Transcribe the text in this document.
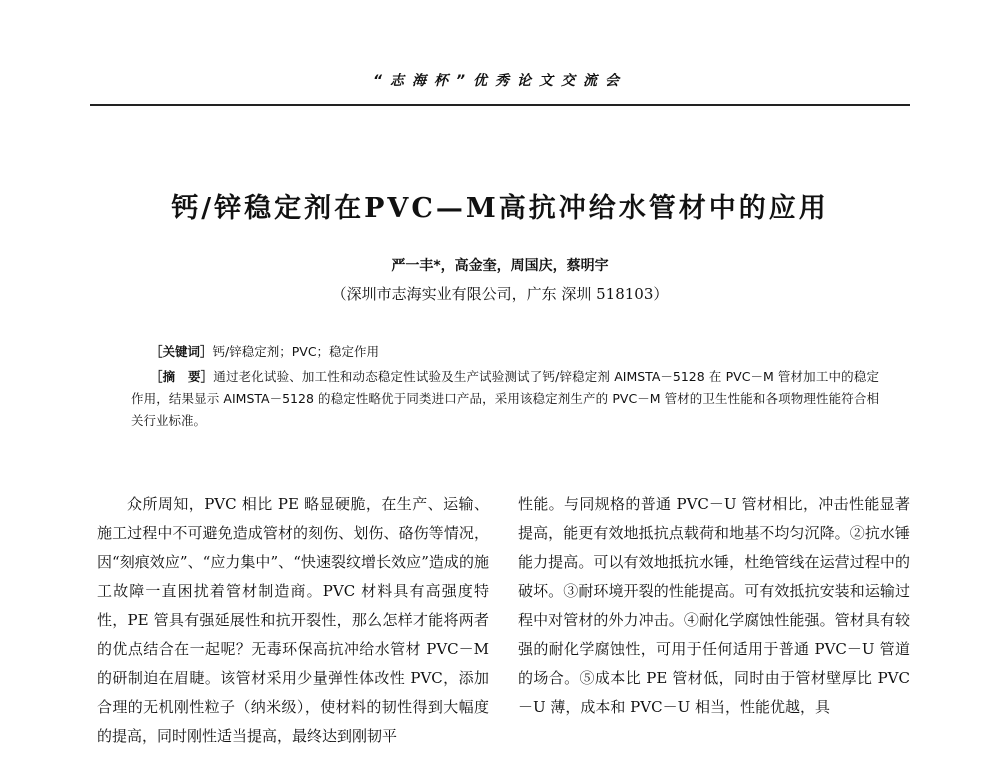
“志海杯”优秀论文交流会
钙/锌稳定剂在PVC—M高抗冲给水管材中的应用
严一丰*，高金奎，周国庆，蔡明宇
（深圳市志海实业有限公司，广东 深圳 518103）
［关键词］钙/锌稳定剂；PVC；稳定作用
［摘　要］通过老化试验、加工性和动态稳定性试验及生产试验测试了钙/锌稳定剂 AIMSTA－5128 在 PVC－M 管材加工中的稳定作用，结果显示 AIMSTA－5128 的稳定性略优于同类进口产品，采用该稳定剂生产的 PVC－M 管材的卫生性能和各项物理性能符合相关行业标准。

众所周知，PVC 相比 PE 略显硬脆，在生产、运输、施工过程中不可避免造成管材的刻伤、划伤、硌伤等情况，因“刻痕效应”、“应力集中”、“快速裂纹增长效应”造成的施工故障一直困扰着管材制造商。PVC 材料具有高强度特性，PE 管具有强延展性和抗开裂性，那么怎样才能将两者的优点结合在一起呢？无毒环保高抗冲给水管材 PVC－M 的研制迫在眉睫。该管材采用少量弹性体改性 PVC，添加合理的无机刚性粒子（纳米级），使材料的韧性得到大幅度的提高，同时刚性适当提高，最终达到刚韧平

性能。与同规格的普通 PVC－U 管材相比，冲击性能显著提高，能更有效地抵抗点载荷和地基不均匀沉降。②抗水锤能力提高。可以有效地抵抗水锤，杜绝管线在运营过程中的破坏。③耐环境开裂的性能提高。可有效抵抗安装和运输过程中对管材的外力冲击。④耐化学腐蚀性能强。管材具有较强的耐化学腐蚀性，可用于任何适用于普通 PVC－U 管道的场合。⑤成本比 PE 管材低，同时由于管材壁厚比 PVC－U 薄，成本和 PVC－U 相当，性能优越，具
